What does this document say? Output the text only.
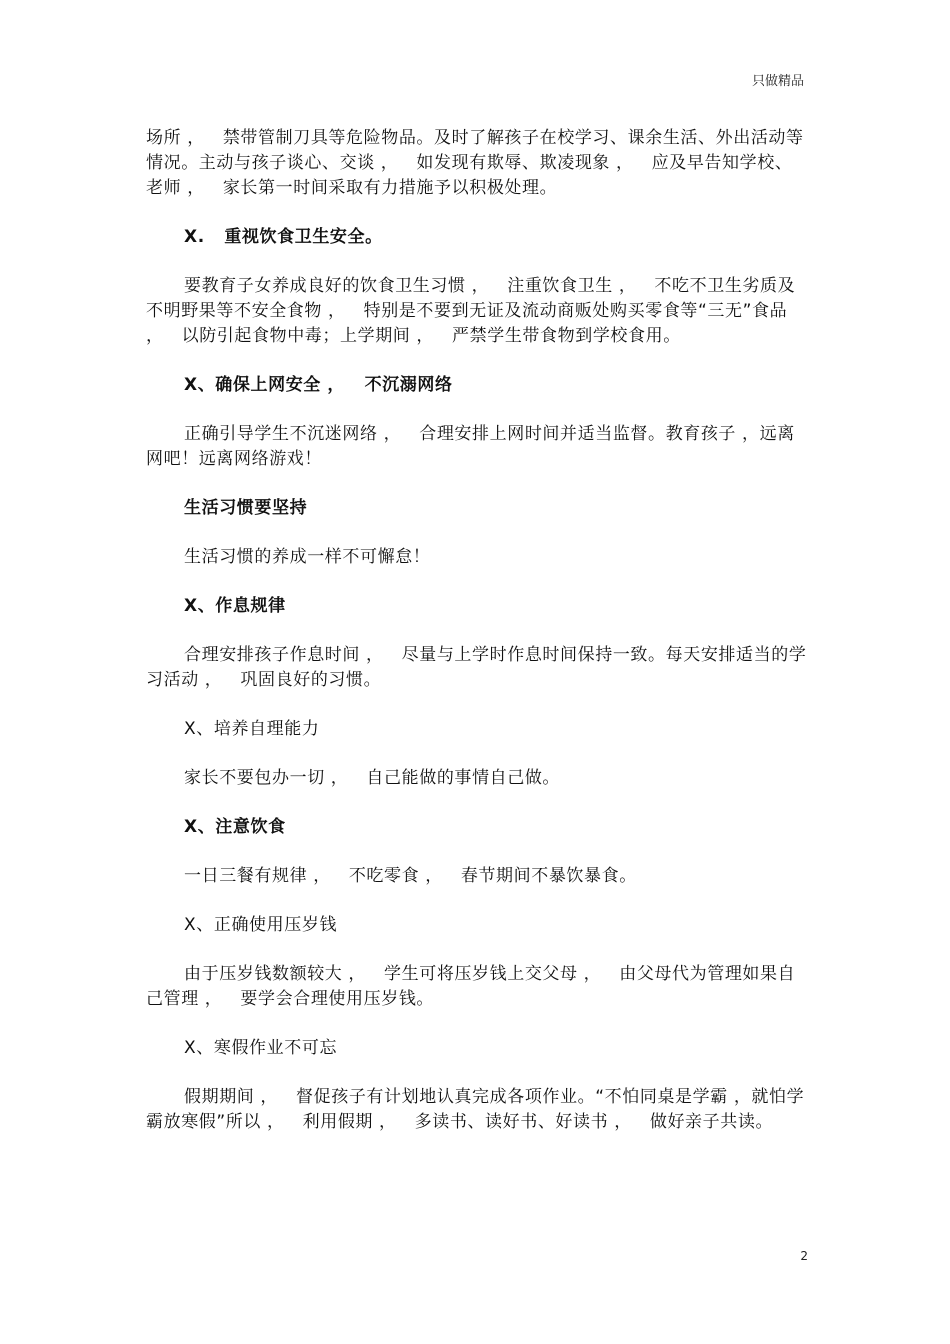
只做精品

场所 ，   禁带管制刀具等危险物品。及时了解孩子在校学习、课余生活、外出活动等情况。主动与孩子谈心、交谈 ，   如发现有欺辱、欺凌现象 ，   应及早告知学校、老师 ，   家长第一时间采取有力措施予以积极处理。

X.   重视饮食卫生安全。

要教育子女养成良好的饮食卫生习惯 ，   注重饮食卫生 ，   不吃不卫生劣质及不明野果等不安全食物 ，   特别是不要到无证及流动商贩处购买零食等“三无”食品 ，   以防引起食物中毒；上学期间 ，   严禁学生带食物到学校食用。

X、确保上网安全 ，   不沉溺网络

正确引导学生不沉迷网络 ，   合理安排上网时间并适当监督。教育孩子 ，远离网吧！远离网络游戏！

生活习惯要坚持

生活习惯的养成一样不可懈怠！

X、作息规律

合理安排孩子作息时间 ，   尽量与上学时作息时间保持一致。每天安排适当的学习活动 ，   巩固良好的习惯。

X、培养自理能力

家长不要包办一切 ，   自己能做的事情自己做。

X、注意饮食

一日三餐有规律 ，   不吃零食 ，   春节期间不暴饮暴食。

X、正确使用压岁钱

由于压岁钱数额较大 ，   学生可将压岁钱上交父母 ，   由父母代为管理如果自己管理 ，   要学会合理使用压岁钱。

X、寒假作业不可忘

假期期间 ，   督促孩子有计划地认真完成各项作业。“不怕同桌是学霸 ，就怕学霸放寒假”所以 ，   利用假期 ，   多读书、读好书、好读书 ，   做好亲子共读。

2
